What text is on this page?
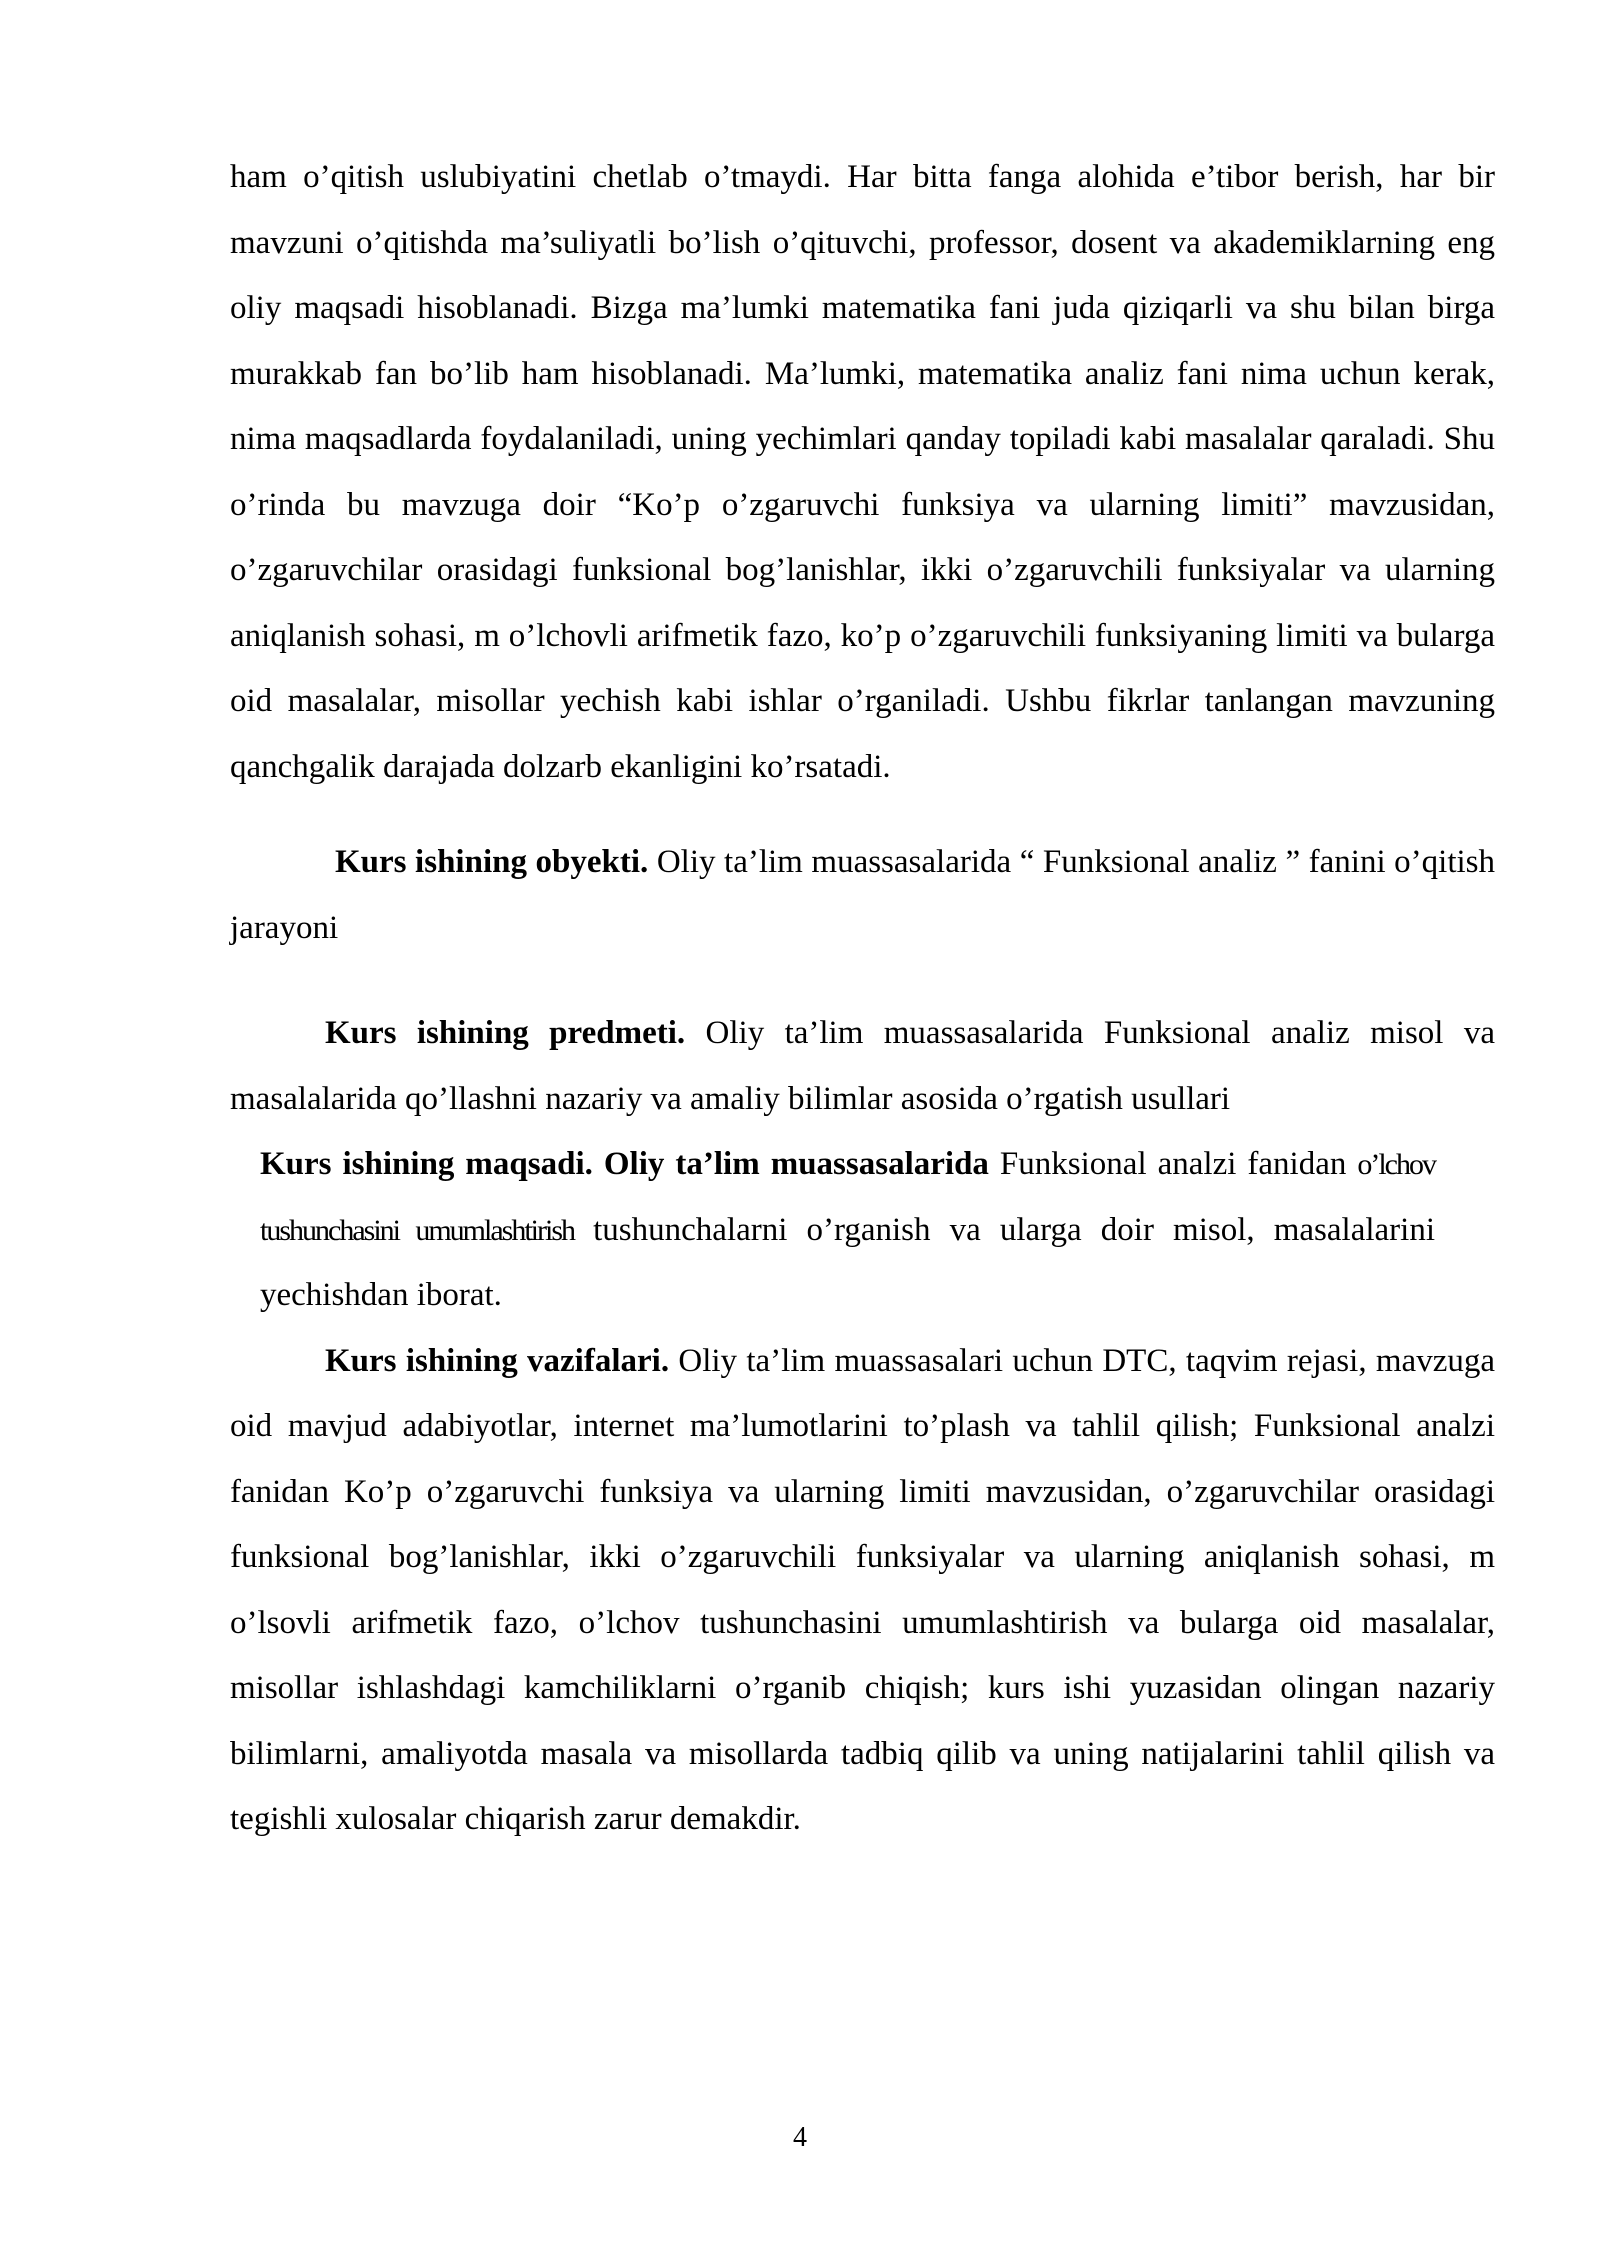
ham o’qitish uslubiyatini chetlab o’tmaydi. Har bitta fanga alohida e’tibor berish, har bir mavzuni o’qitishda ma’suliyatli bo’lish o’qituvchi, professor, dosent va akademiklarning eng oliy maqsadi hisoblanadi. Bizga ma’lumki matematika fani juda qiziqarli va shu bilan birga murakkab fan bo’lib ham hisoblanadi. Ma’lumki, matematika analiz fani nima uchun kerak, nima maqsadlarda foydalaniladi, uning yechimlari qanday topiladi kabi masalalar qaraladi. Shu o’rinda bu mavzuga doir “Ko’p o’zgaruvchi funksiya va ularning limiti” mavzusidan, o’zgaruvchilar orasidagi funksional bog’lanishlar, ikki o’zgaruvchili funksiyalar va ularning aniqlanish sohasi, m o’lchovli arifmetik fazo, ko’p o’zgaruvchili funksiyaning limiti va bularga oid masalalar, misollar yechish kabi ishlar o’rganiladi. Ushbu fikrlar tanlangan mavzuning qanchgalik darajada dolzarb ekanligini ko’rsatadi.

Kurs ishining obyekti. Oliy ta’lim muassasalarida “ Funksional analiz ” fanini o’qitish jarayoni

Kurs ishining predmeti. Oliy ta’lim muassasalarida Funksional analiz misol va masalalarida qo’llashni nazariy va amaliy bilimlar asosida o’rgatish usullari

Kurs ishining maqsadi. Oliy ta’lim muassasalarida Funksional analzi fanidan o’lchov tushunchasini umumlashtirish tushunchalarni o’rganish va ularga doir misol, masalalarini yechishdan iborat.

Kurs ishining vazifalari. Oliy ta’lim muassasalari uchun DTC, taqvim rejasi, mavzuga oid mavjud adabiyotlar, internet ma’lumotlarini to’plash va tahlil qilish; Funksional analzi fanidan Ko’p o’zgaruvchi funksiya va ularning limiti mavzusidan, o’zgaruvchilar orasidagi funksional bog’lanishlar, ikki o’zgaruvchili funksiyalar va ularning aniqlanish sohasi, m o’lsovli arifmetik fazo, o’lchov tushunchasini umumlashtirish va bularga oid masalalar, misollar ishlashdagi kamchiliklarni o’rganib chiqish; kurs ishi yuzasidan olingan nazariy bilimlarni, amaliyotda masala va misollarda tadbiq qilib va uning natijalarini tahlil qilish va tegishli xulosalar chiqarish zarur demakdir.

4
